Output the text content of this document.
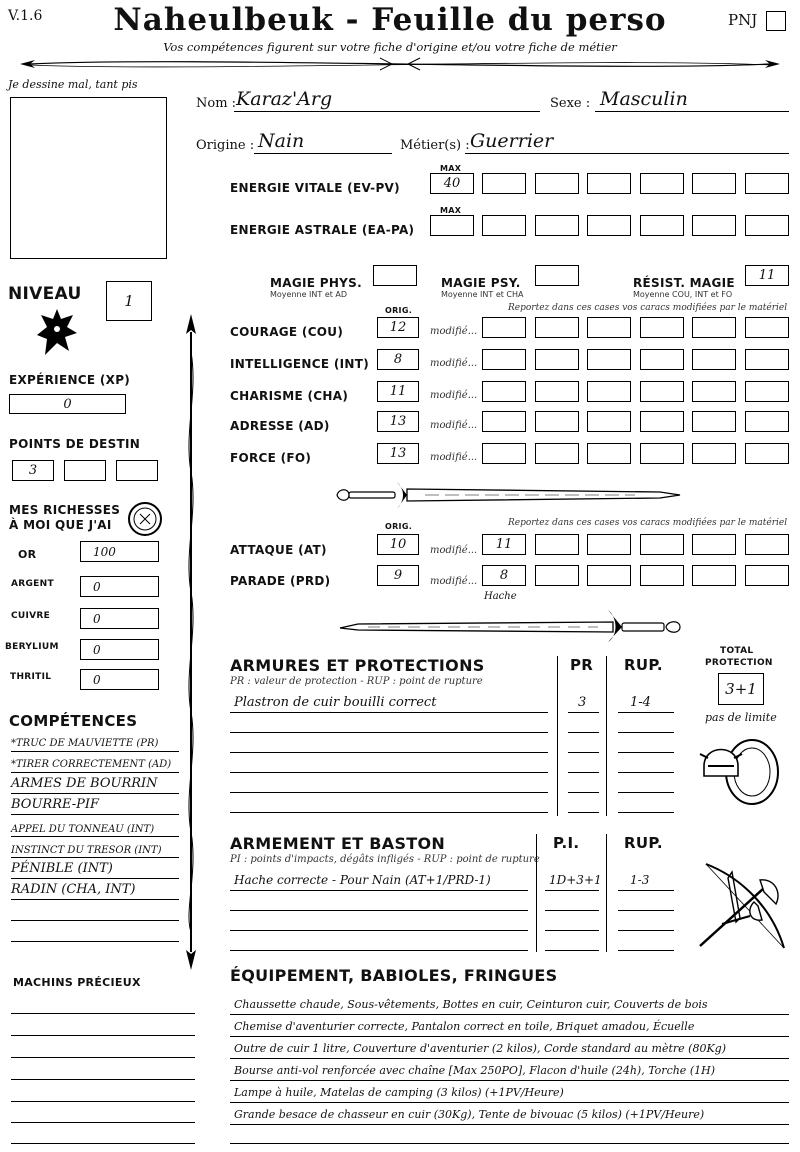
V.1.6 Naheulbeuk - Feuille du perso
Vos compétences figurent sur votre fiche d'origine et/ou votre fiche de métier
PNJ
Je dessine mal, tant pis
Nom : Karaz'Arg	Sexe : Masculin
Origine : Nain	Métier(s) : Guerrier
MAX
ENERGIE VITALE (EV-PV)	40
MAX
ENERGIE ASTRALE (EA-PA)
MAGIE PHYS.
Moyenne INT et AD
MAGIE PSY.
Moyenne INT et CHA
RÉSIST. MAGIE
Moyenne COU, INT et FO
11
ORIG.	Reportez dans ces cases vos caracs modifiées par le matériel
COURAGE (COU)	12	modifié...
INTELLIGENCE (INT)	8	modifié...
CHARISME (CHA)	11	modifié...
ADRESSE (AD)	13	modifié...
FORCE (FO)	13	modifié...
ORIG.	Reportez dans ces cases vos caracs modifiées par le matériel
ATTAQUE (AT)	10	modifié...	11
PARADE (PRD)	9	modifié...	8
Hache
NIVEAU	1
EXPÉRIENCE (XP)
0
POINTS DE DESTIN
3
MES RICHESSES
À MOI QUE J'AI
OR	100
ARGENT	0
CUIVRE	0
BERYLIUM	0
THRITIL	0
COMPÉTENCES
*TRUC DE MAUVIETTE (PR)
*TIRER CORRECTEMENT (AD)
ARMES DE BOURRIN
BOURRE-PIF
APPEL DU TONNEAU (INT)
INSTINCT DU TRESOR (INT)
PÉNIBLE (INT)
RADIN (CHA, INT)
MACHINS PRÉCIEUX
ARMURES ET PROTECTIONS
PR : valeur de protection - RUP : point de rupture
PR RUP.
Plastron de cuir bouilli correct	3	1-4
TOTAL
PROTECTION
3+1
pas de limite
ARMEMENT ET BASTON
PI : points d'impacts, dégâts infligés - RUP : point de rupture
P.I.	RUP.
Hache correcte - Pour Nain (AT+1/PRD-1)	1D+3+1 1-3
ÉQUIPEMENT, BABIOLES, FRINGUES
Chaussette chaude, Sous-vêtements, Bottes en cuir, Ceinturon cuir, Couverts de bois
Chemise d'aventurier correcte, Pantalon correct en toile, Briquet amadou, Écuelle
Outre de cuir 1 litre, Couverture d'aventurier (2 kilos), Corde standard au mètre (80Kg)
Bourse anti-vol renforcée avec chaîne [Max 250PO], Flacon d'huile (24h), Torche (1H)
Lampe à huile, Matelas de camping (3 kilos) (+1PV/Heure)
Grande besace de chasseur en cuir (30Kg), Tente de bivouac (5 kilos) (+1PV/Heure)
